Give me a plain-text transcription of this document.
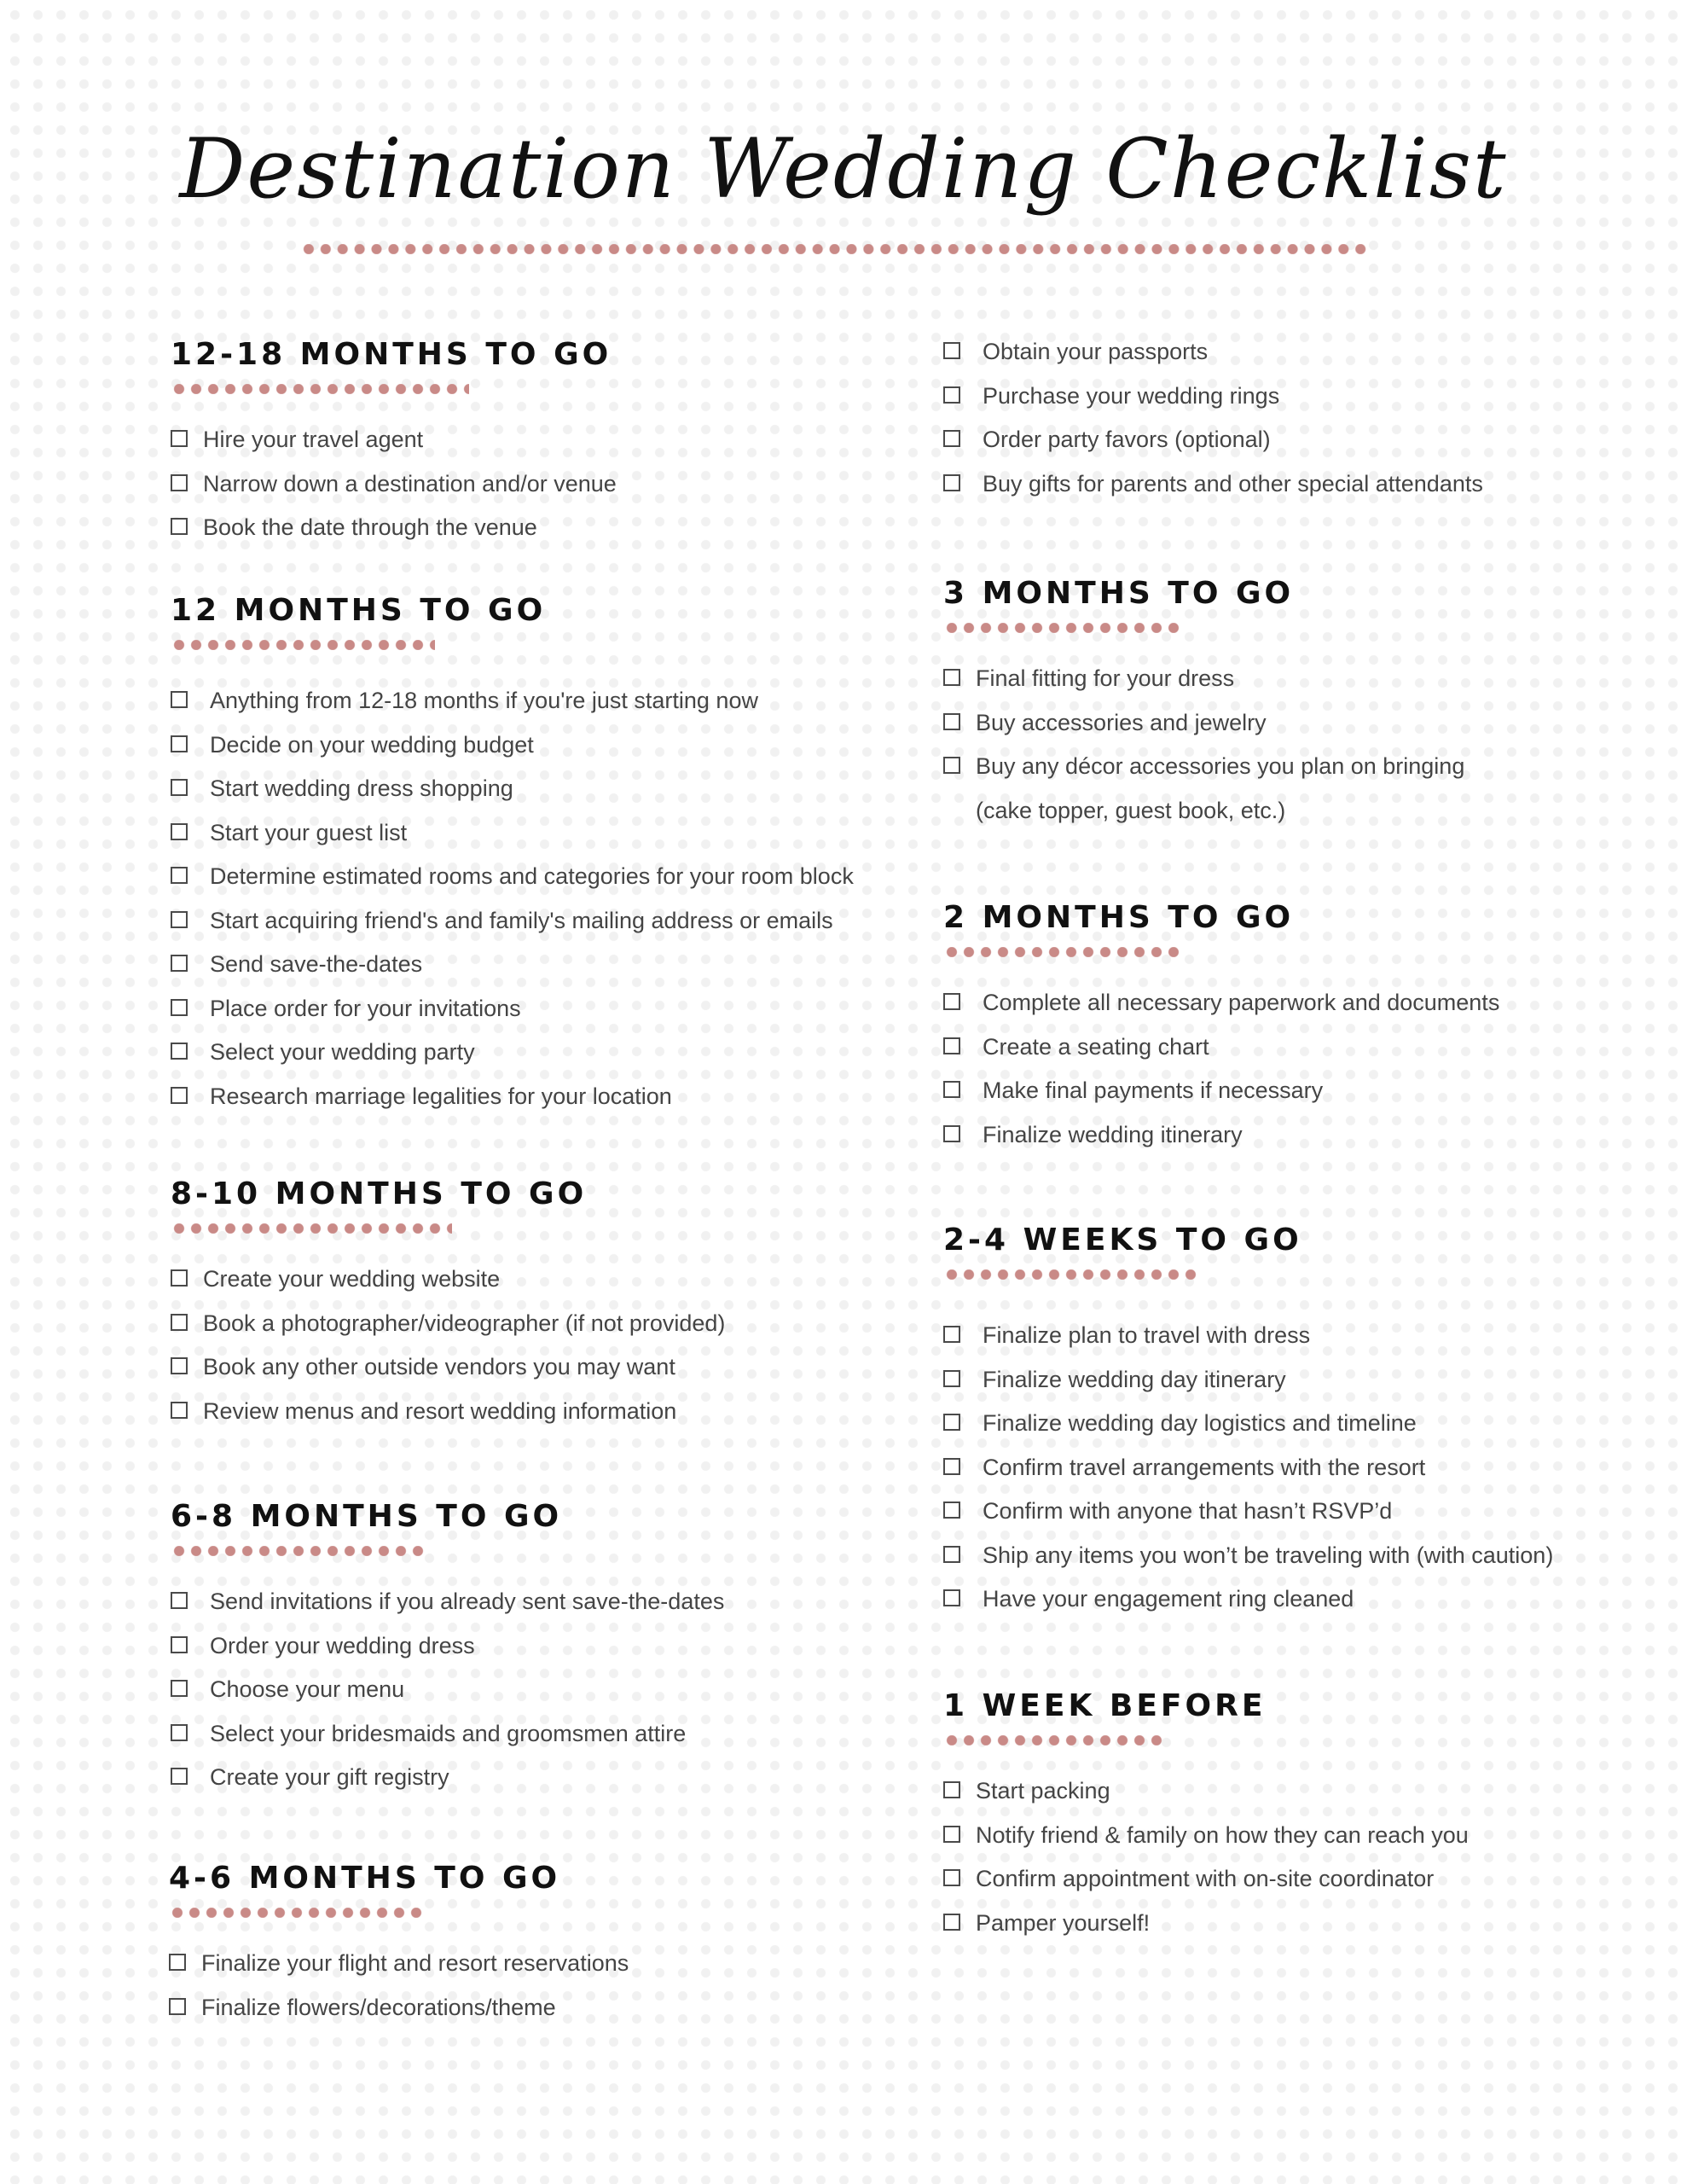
Destination Wedding Checklist
12-18 MONTHS TO GO
Hire your travel agent
Narrow down a destination and/or venue
Book the date through the venue
12 MONTHS TO GO
Anything from 12-18 months if you're just starting now
Decide on your wedding budget
Start wedding dress shopping
Start your guest list
Determine estimated rooms and categories for your room block
Start acquiring friend's and family's mailing address or emails
Send save-the-dates
Place order for your invitations
Select your wedding party
Research marriage legalities for your location
8-10 MONTHS TO GO
Create your wedding website
Book a photographer/videographer (if not provided)
Book any other outside vendors you may want
Review menus and resort wedding information
6-8 MONTHS TO GO
Send invitations if you already sent save-the-dates
Order your wedding dress
Choose your menu
Select your bridesmaids and groomsmen attire
Create your gift registry
4-6 MONTHS TO GO
Finalize your flight and resort reservations
Finalize flowers/decorations/theme
Obtain your passports
Purchase your wedding rings
Order party favors (optional)
Buy gifts for parents and other special attendants
3 MONTHS TO GO
Final fitting for your dress
Buy accessories and jewelry
Buy any décor accessories you plan on bringing
(cake topper, guest book, etc.)
2 MONTHS TO GO
Complete all necessary paperwork and documents
Create a seating chart
Make final payments if necessary
Finalize wedding itinerary
2-4 WEEKS TO GO
Finalize plan to travel with dress
Finalize wedding day itinerary
Finalize wedding day logistics and timeline
Confirm travel arrangements with the resort
Confirm with anyone that hasn’t RSVP’d
Ship any items you won’t be traveling with (with caution)
Have your engagement ring cleaned
1 WEEK BEFORE
Start packing
Notify friend & family on how they can reach you
Confirm appointment with on-site coordinator
Pamper yourself!
